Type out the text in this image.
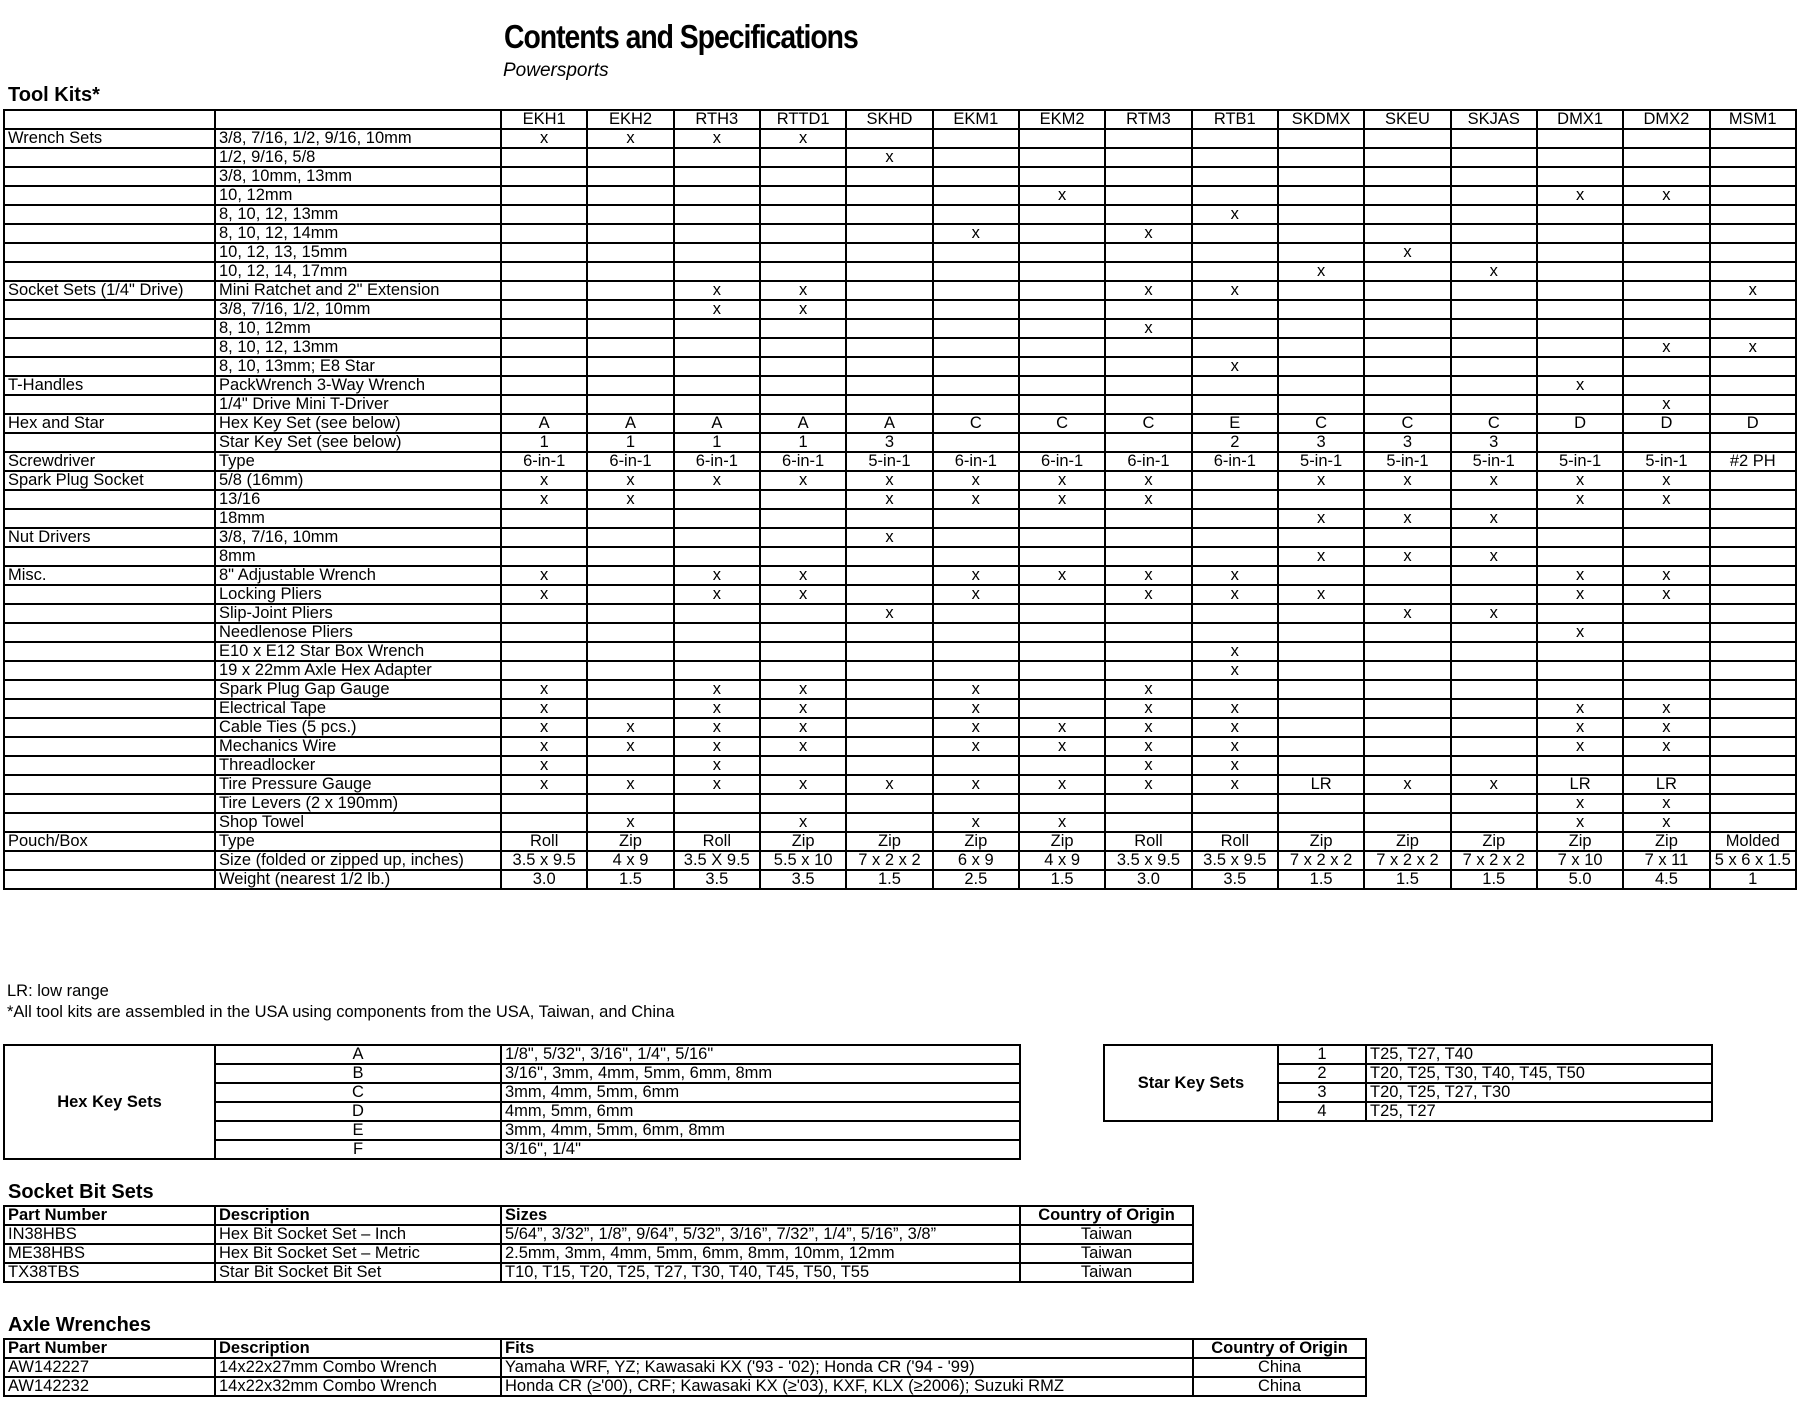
Contents and Specifications
Powersports
Tool Kits*
		EKH1	EKH2	RTH3	RTTD1	SKHD	EKM1	EKM2	RTM3	RTB1	SKDMX	SKEU	SKJAS	DMX1	DMX2	MSM1
Wrench Sets	3/8, 7/16, 1/2, 9/16, 10mm	x	x	x	x											
	1/2, 9/16, 5/8					x										
	3/8, 10mm, 13mm															
	10, 12mm							x						x	x	
	8, 10, 12, 13mm									x						
	8, 10, 12, 14mm						x		x							
	10, 12, 13, 15mm											x				
	10, 12, 14, 17mm										x		x			
Socket Sets (1/4" Drive)	Mini Ratchet and 2" Extension			x	x				x	x						x
	3/8, 7/16, 1/2, 10mm			x	x											
	8, 10, 12mm								x							
	8, 10, 12, 13mm														x	x
	8, 10, 13mm; E8 Star									x						
T-Handles	PackWrench 3-Way Wrench													x		
	1/4" Drive Mini T-Driver														x	
Hex and Star	Hex Key Set (see below)	A	A	A	A	A	C	C	C	E	C	C	C	D	D	D
	Star Key Set (see below)	1	1	1	1	3				2	3	3	3			
Screwdriver	Type	6-in-1	6-in-1	6-in-1	6-in-1	5-in-1	6-in-1	6-in-1	6-in-1	6-in-1	5-in-1	5-in-1	5-in-1	5-in-1	5-in-1	#2 PH
Spark Plug Socket	5/8 (16mm)	x	x	x	x	x	x	x	x		x	x	x	x	x	
	13/16	x	x			x	x	x	x					x	x	
	18mm										x	x	x			
Nut Drivers	3/8, 7/16, 10mm					x										
	8mm										x	x	x			
Misc.	8" Adjustable Wrench	x		x	x		x	x	x	x				x	x	
	Locking Pliers	x		x	x		x		x	x	x			x	x	
	Slip-Joint Pliers					x						x	x			
	Needlenose Pliers													x		
	E10 x E12 Star Box Wrench									x						
	19 x 22mm Axle Hex Adapter									x						
	Spark Plug Gap Gauge	x		x	x		x		x							
	Electrical Tape	x		x	x		x		x	x				x	x	
	Cable Ties (5 pcs.)	x	x	x	x		x	x	x	x				x	x	
	Mechanics Wire	x	x	x	x		x	x	x	x				x	x	
	Threadlocker	x		x					x	x						
	Tire Pressure Gauge	x	x	x	x	x	x	x	x	x	LR	x	x	LR	LR	
	Tire Levers (2 x 190mm)													x	x	
	Shop Towel		x		x		x	x						x	x	
Pouch/Box	Type	Roll	Zip	Roll	Zip	Zip	Zip	Zip	Roll	Roll	Zip	Zip	Zip	Zip	Zip	Molded
	Size (folded or zipped up, inches)	3.5 x 9.5	4 x 9	3.5 X 9.5	5.5 x 10	7 x 2 x 2	6 x 9	4 x 9	3.5 x 9.5	3.5 x 9.5	7 x 2 x 2	7 x 2 x 2	7 x 2 x 2	7 x 10	7 x 11	5 x 6 x 1.5
	Weight (nearest 1/2 lb.)	3.0	1.5	3.5	3.5	1.5	2.5	1.5	3.0	3.5	1.5	1.5	1.5	5.0	4.5	1
LR: low range
*All tool kits are assembled in the USA using components from the USA, Taiwan, and China
Hex Key Sets	A	1/8", 5/32", 3/16", 1/4", 5/16"
	B	3/16", 3mm, 4mm, 5mm, 6mm, 8mm
	C	3mm, 4mm, 5mm, 6mm
	D	4mm, 5mm, 6mm
	E	3mm, 4mm, 5mm, 6mm, 8mm
	F	3/16", 1/4"
Star Key Sets	1	T25, T27, T40
	2	T20, T25, T30, T40, T45, T50
	3	T20, T25, T27, T30
	4	T25, T27
Socket Bit Sets
Part Number	Description	Sizes	Country of Origin
IN38HBS	Hex Bit Socket Set – Inch	5/64”, 3/32”, 1/8”, 9/64”, 5/32”, 3/16”, 7/32”, 1/4”, 5/16”, 3/8”	Taiwan
ME38HBS	Hex Bit Socket Set – Metric	2.5mm, 3mm, 4mm, 5mm, 6mm, 8mm, 10mm, 12mm	Taiwan
TX38TBS	Star Bit Socket Bit Set	T10, T15, T20, T25, T27, T30, T40, T45, T50, T55	Taiwan
Axle Wrenches
Part Number	Description	Fits	Country of Origin
AW142227	14x22x27mm Combo Wrench	Yamaha WRF, YZ; Kawasaki KX ('93 - '02); Honda CR ('94 - '99)	China
AW142232	14x22x32mm Combo Wrench	Honda CR (≥'00), CRF; Kawasaki KX (≥'03), KXF, KLX (≥2006); Suzuki RMZ	China
